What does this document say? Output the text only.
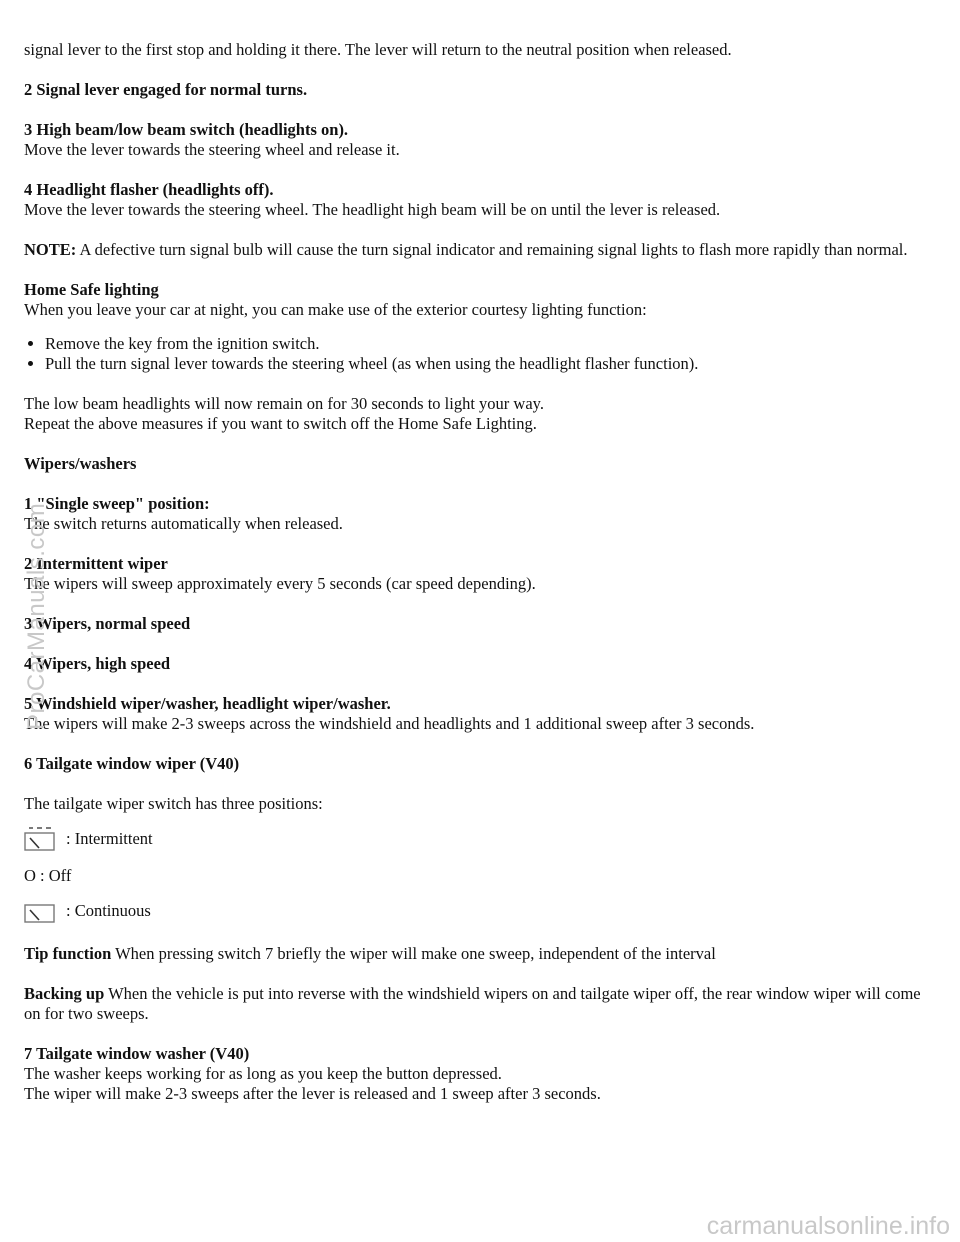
signal lever to the first stop and holding it there. The lever will return to the neutral position when released.

2 Signal lever engaged for normal turns.

3 High beam/low beam switch (headlights on).
Move the lever towards the steering wheel and release it.

4 Headlight flasher (headlights off).
Move the lever towards the steering wheel. The headlight high beam will be on until the lever is released.

NOTE: A defective turn signal bulb will cause the turn signal indicator and remaining signal lights to flash more rapidly than normal.

Home Safe lighting
When you leave your car at night, you can make use of the exterior courtesy lighting function:

• Remove the key from the ignition switch.
• Pull the turn signal lever towards the steering wheel (as when using the headlight flasher function).

The low beam headlights will now remain on for 30 seconds to light your way.
Repeat the above measures if you want to switch off the Home Safe Lighting.

Wipers/washers

1 "Single sweep" position:
The switch returns automatically when released.

2 Intermittent wiper
The wipers will sweep approximately every 5 seconds (car speed depending).

3 Wipers, normal speed

4 Wipers, high speed

5 Windshield wiper/washer, headlight wiper/washer.
The wipers will make 2-3 sweeps across the windshield and headlights and 1 additional sweep after 3 seconds.

6 Tailgate window wiper (V40)

The tailgate wiper switch has three positions:

: Intermittent

O : Off

: Continuous

Tip function When pressing switch 7 briefly the wiper will make one sweep, independent of the interval

Backing up When the vehicle is put into reverse with the windshield wipers on and tailgate wiper off, the rear window wiper will come on for two sweeps.

7 Tailgate window washer (V40)
The washer keeps working for as long as you keep the button depressed.
The wiper will make 2-3 sweeps after the lever is released and 1 sweep after 3 seconds.

ProCarManuals.com
carmanualsonline.info
